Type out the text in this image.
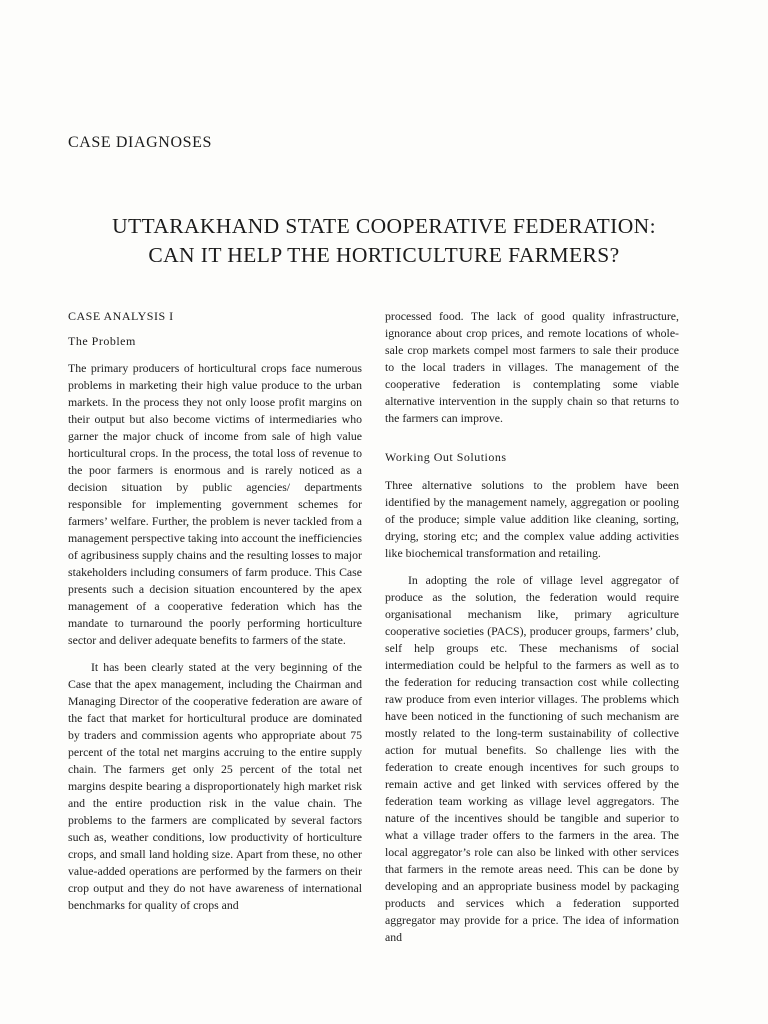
CASE DIAGNOSES
UTTARAKHAND STATE COOPERATIVE FEDERATION:
CAN IT HELP THE HORTICULTURE FARMERS?

CASE ANALYSIS I

The Problem

The primary producers of horticultural crops face numerous problems in marketing their high value produce to the urban markets. In the process they not only loose profit margins on their output but also become victims of intermediaries who garner the major chuck of income from sale of high value horticultural crops. In the process, the total loss of revenue to the poor farmers is enormous and is rarely noticed as a decision situation by public agencies/ departments responsible for implementing government schemes for farmers’ welfare. Further, the problem is never tackled from a management perspective taking into account the inefficiencies of agribusiness supply chains and the resulting losses to major stakeholders including consumers of farm produce. This Case presents such a decision situation encountered by the apex management of a cooperative federation which has the mandate to turnaround the poorly performing horticulture sector and deliver adequate benefits to farmers of the state.

It has been clearly stated at the very beginning of the Case that the apex management, including the Chairman and Managing Director of the cooperative federation are aware of the fact that market for horticultural produce are dominated by traders and commission agents who appropriate about 75 percent of the total net margins accruing to the entire supply chain. The farmers get only 25 percent of the total net margins despite bearing a disproportionately high market risk and the entire production risk in the value chain. The problems to the farmers are complicated by several factors such as, weather conditions, low productivity of horticulture crops, and small land holding size. Apart from these, no other value-added operations are performed by the farmers on their crop output and they do not have awareness of international benchmarks for quality of crops and

processed food. The lack of good quality infrastructure, ignorance about crop prices, and remote locations of whole-sale crop markets compel most farmers to sale their produce to the local traders in villages. The management of the cooperative federation is contemplating some viable alternative intervention in the supply chain so that returns to the farmers can improve.

Working Out Solutions

Three alternative solutions to the problem have been identified by the management namely, aggregation or pooling of the produce; simple value addition like cleaning, sorting, drying, storing etc; and the complex value adding activities like biochemical transformation and retailing.

In adopting the role of village level aggregator of produce as the solution, the federation would require organisational mechanism like, primary agriculture cooperative societies (PACS), producer groups, farmers’ club, self help groups etc. These mechanisms of social intermediation could be helpful to the farmers as well as to the federation for reducing transaction cost while collecting raw produce from even interior villages. The problems which have been noticed in the functioning of such mechanism are mostly related to the long-term sustainability of collective action for mutual benefits. So challenge lies with the federation to create enough incentives for such groups to remain active and get linked with services offered by the federation team working as village level aggregators. The nature of the incentives should be tangible and superior to what a village trader offers to the farmers in the area. The local aggregator’s role can also be linked with other services that farmers in the remote areas need. This can be done by developing and an appropriate business model by packaging products and services which a federation supported aggregator may provide for a price. The idea of information and
